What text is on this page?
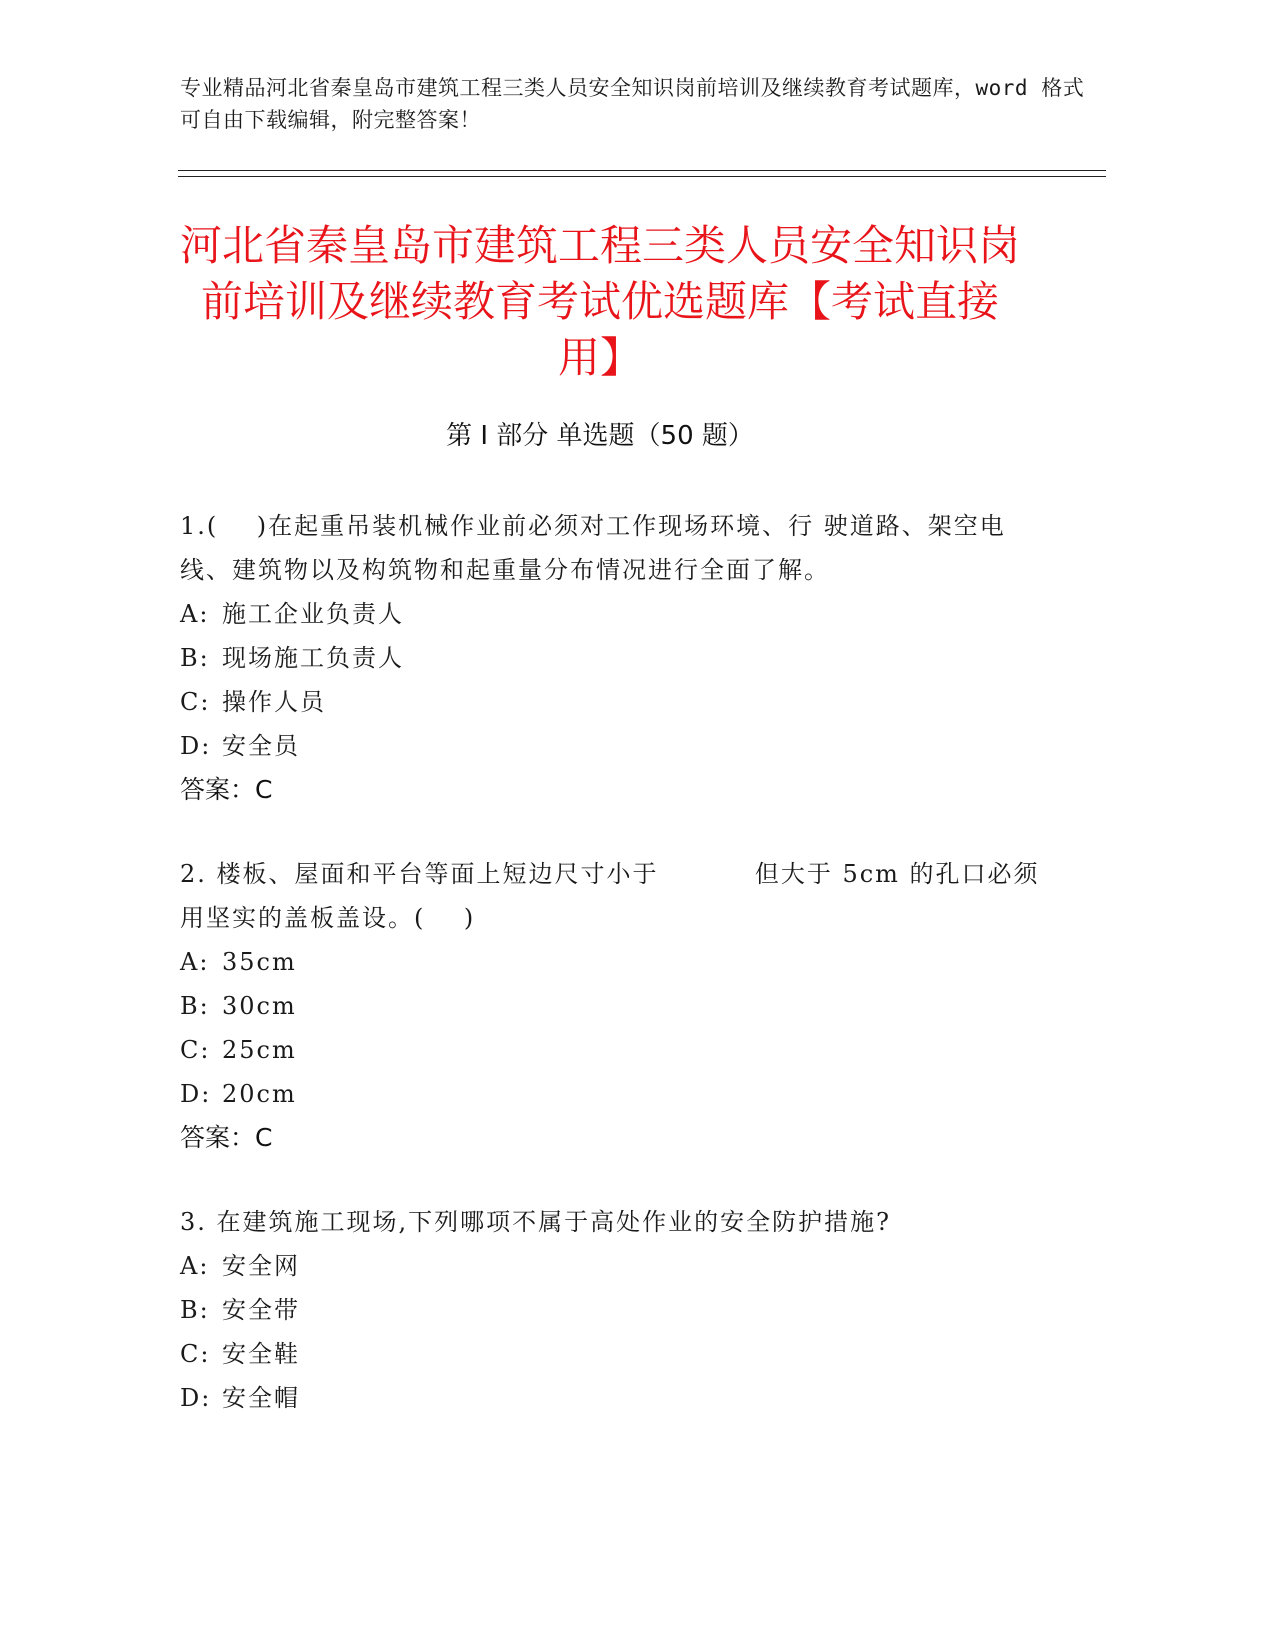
专业精品河北省秦皇岛市建筑工程三类人员安全知识岗前培训及继续教育考试题库，word 格式可自由下载编辑，附完整答案！
河北省秦皇岛市建筑工程三类人员安全知识岗前培训及继续教育考试优选题库【考试直接用】
第 I 部分 单选题（50 题）

1.(    )在起重吊装机械作业前必须对工作现场环境、行 驶道路、架空电线、建筑物以及构筑物和起重量分布情况进行全面了解。

A: 施工企业负责人
B: 现场施工负责人
C: 操作人员
D: 安全员
答案：C

2. 楼板、屋面和平台等面上短边尺寸小于          但大于 5cm 的孔口必须用坚实的盖板盖设。(    )

A: 35cm
B: 30cm
C: 25cm
D: 20cm
答案：C

3. 在建筑施工现场,下列哪项不属于高处作业的安全防护措施?

A: 安全网
B: 安全带
C: 安全鞋
D: 安全帽
